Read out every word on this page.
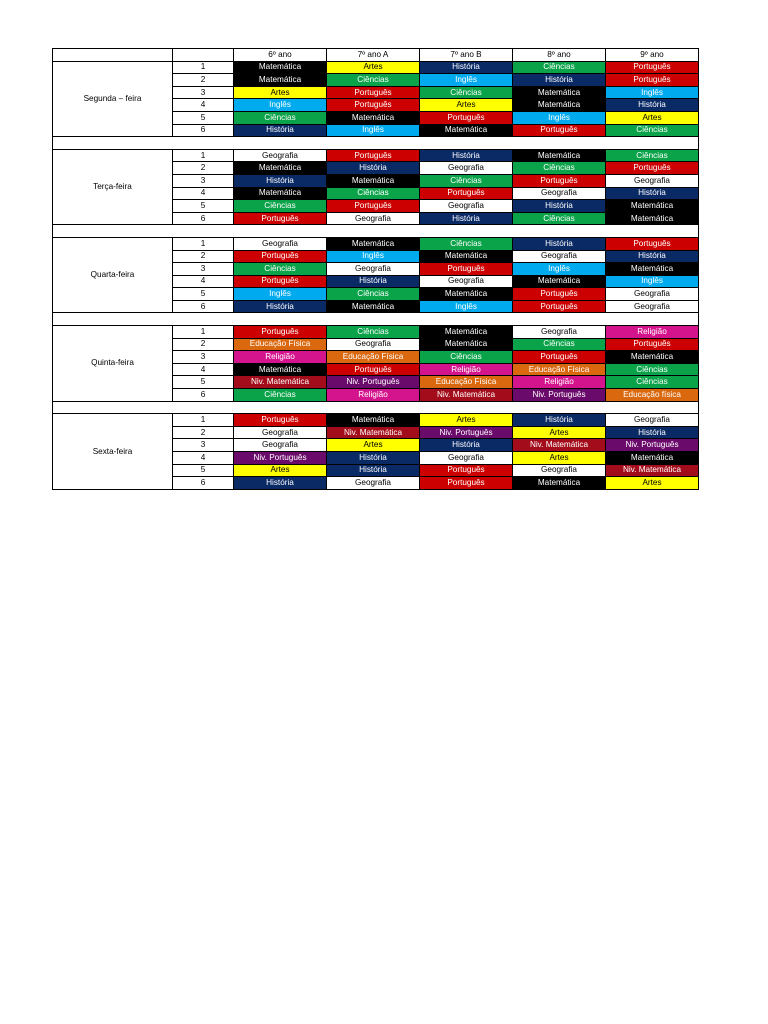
		6º ano	7º ano A	7º ano B	8º ano	9º ano
Segunda – feira	1	Matemática	Artes	História	Ciências	Português
	2	Matemática	Ciências	Inglês	História	Português
	3	Artes	Português	Ciências	Matemática	Inglês
	4	Inglês	Português	Artes	Matemática	História
	5	Ciências	Matemática	Português	Inglês	Artes
	6	História	Inglês	Matemática	Português	Ciências

Terça-feira	1	Geografia	Português	História	Matemática	Ciências
	2	Matemática	História	Geografia	Ciências	Português
	3	História	Matemática	Ciências	Português	Geografia
	4	Matemática	Ciências	Português	Geografia	História
	5	Ciências	Português	Geografia	História	Matemática
	6	Português	Geografia	História	Ciências	Matemática

Quarta-feira	1	Geografia	Matemática	Ciências	História	Português
	2	Português	Inglês	Matemática	Geografia	História
	3	Ciências	Geografia	Português	Inglês	Matemática
	4	Português	História	Geografia	Matemática	Inglês
	5	Inglês	Ciências	Matemática	Português	Geografia
	6	História	Matemática	Inglês	Português	Geografia

Quinta-feira	1	Português	Ciências	Matemática	Geografia	Religião
	2	Educação Física	Geografia	Matemática	Ciências	Português
	3	Religião	Educação Física	Ciências	Português	Matemática
	4	Matemática	Português	Religião	Educação Física	Ciências
	5	Niv. Matemática	Niv. Português	Educação Física	Religião	Ciências
	6	Ciências	Religião	Niv. Matemática	Niv. Português	Educação física

Sexta-feira	1	Português	Matemática	Artes	História	Geografia
	2	Geografia	Niv. Matemática	Niv. Português	Artes	História
	3	Geografia	Artes	História	Niv. Matemática	Niv. Português
	4	Niv. Português	História	Geografia	Artes	Matemática
	5	Artes	História	Português	Geografia	Niv. Matemática
	6	História	Geografia	Português	Matemática	Artes
